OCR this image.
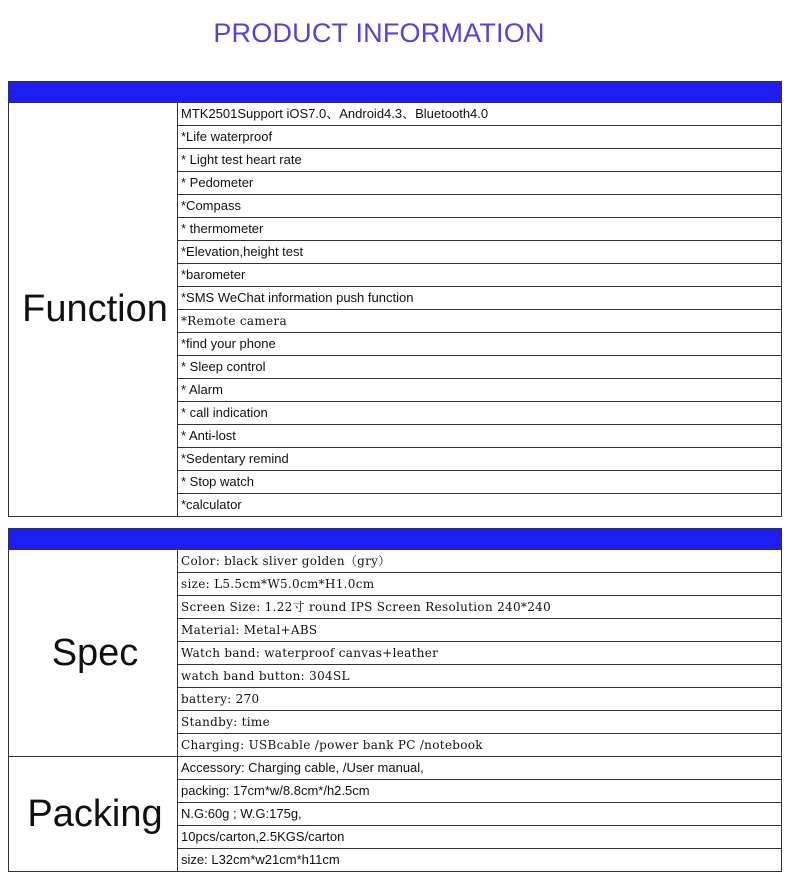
PRODUCT INFORMATION
Function
MTK2501Support iOS7.0、Android4.3、Bluetooth4.0
*Life waterproof
* Light test heart rate
* Pedometer
*Compass
* thermometer
*Elevation,height test
*barometer
*SMS WeChat information push function
*Remote camera
*find your phone
* Sleep control
* Alarm
* call indication
* Anti-lost
*Sedentary remind
* Stop watch
*calculator
Spec
Color: black sliver golden（gry）
size: L5.5cm*W5.0cm*H1.0cm
Screen Size: 1.22寸 round IPS Screen Resolution 240*240
Material: Metal+ABS
Watch band: waterproof canvas+leather
watch band button: 304SL
battery: 270
Standby: time
Charging: USBcable /power bank PC /notebook
Packing
Accessory: Charging cable, /User manual,
packing: 17cm*w/8.8cm*/h2.5cm
N.G:60g ; W.G:175g,
10pcs/carton,2.5KGS/carton
size: L32cm*w21cm*h11cm
